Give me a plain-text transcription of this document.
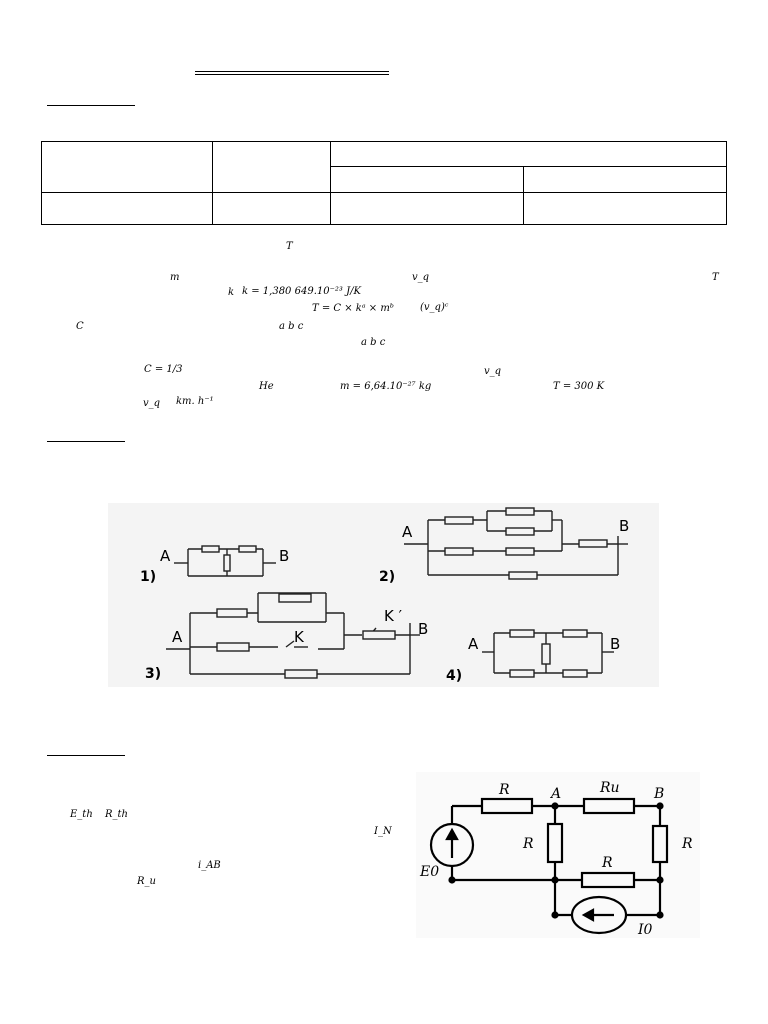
T
m	v_q	T
k k = 1,380 649.10⁻²³ J/K
T = C × kᵃ × mᵇ	(v_q)ᶜ
C	a b c
a b c
C = 1/3	v_q
He	m = 6,64.10⁻²⁷ kg	T = 300 K
v_q km. h⁻¹
A	B
1)
A	B
2)
A	K
K ′
B
3)
A	B
4)
E_th R_th
I_N
i_AB
R_u
R	A	Ru B
R	R
R
E0
I0
